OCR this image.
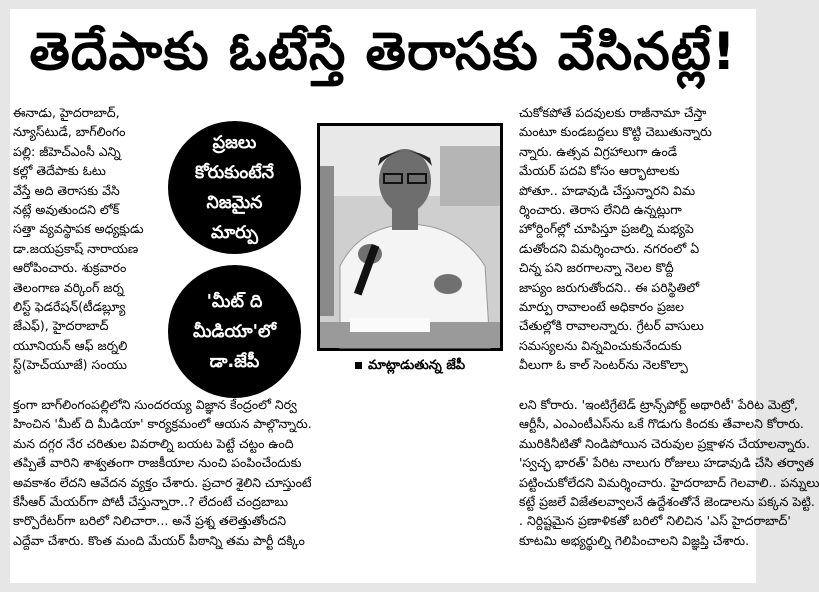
తెదేపాకు ఓటేస్తే తెరాసకు వేసినట్లే!
ఈనాడు, హైదరాబాద్,
న్యూస్‌టుడే, బాగ్‌లింగం
పల్లి: జీహెచ్‌ఎంసీ ఎన్ని
కల్లో తెదేపాకు ఓటు
వేస్తే అది తెరాసకు వేసి
నట్లే అవుతుందని లోక్
సత్తా వ్యవస్థాపక అధ్యక్షుడు
డా.జయప్రకాష్ నారాయణ
ఆరోపించారు. శుక్రవారం
తెలంగాణ వర్కింగ్ జర్న
లిస్ట్ ఫెడరేషన్(టీడబ్ల్యూ
జేఎఫ్), హైదరాబాద్
యూనియన్ ఆఫ్ జర్నలి
స్ట్(హెచ్‌యూజే) సంయు
ప్రజలు
కోరుకుంటేనే
నిజమైన
మార్పు
'మీట్ ది
మీడియా'లో
డా.జేపీ	మాట్లాడుతున్న జేపీ
చుకోకపోతే పదవులకు రాజీనామా చేస్తా
మంటూ కుండబద్దలు కొట్టి చెబుతున్నారు
న్నారు. ఉత్సవ విగ్రహాలుగా ఉండే
మేయర్ పదవి కోసం ఆర్భాటాలకు
పోతూ.. హడావుడి చేస్తున్నారని విమ
ర్శించారు. తెరాస లేనిది ఉన్నట్లుగా
హోర్డింగ్‌ల్లో చూపిస్తూ ప్రజల్ని మభ్యపె
డుతోందని విమర్శించారు. నగరంలో ఏ
చిన్న పని జరగాలన్నా నెలల కొద్దీ
జాప్యం జరుగుతోందని.. ఈ పరిస్థితిలో
మార్పు రావాలంటే అధికారం ప్రజల
చేతుల్లోకి రావాలన్నారు. గ్రేటర్ వాసులు
సమస్యలను విన్నవించుకునేందుకు
వీలుగా ఓ కాల్ సెంటర్‌ను నెలకొల్పా
క్తంగా బాగ్‌లింగంపల్లిలోని సుందరయ్య విజ్ఞాన కేంద్రంలో నిర్వ	లని కోరారు. 'ఇంటిగ్రేటెడ్ ట్రాన్స్‌పోర్ట్ అథారిటీ' పేరిట మెట్రో,
హించిన 'మీట్ ది మీడియా' కార్యక్రమంలో ఆయన పాల్గొన్నారు.	ఆర్టీసీ, ఎంఎంటీఎస్‌ను ఒకే గొడుగు కిందకు తేవాలని కోరారు.
మన దగ్గర నేర చరితుల వివరాల్ని బయట పెట్టే చట్టం ఉంది	మురికినీటితో నిండిపోయిన చెరువుల ప్రక్షాళన చేయాలన్నారు.
తప్పితే వారిని శాశ్వతంగా రాజకీయాల నుంచి పంపించేందుకు	'స్వచ్ఛ భారత్' పేరిట నాలుగు రోజులు హడావుడి చేసి తర్వాత
అవకాశం లేదని ఆవేదన వ్యక్తం చేశారు. ప్రచార శైలిని చూస్తుంటే	పట్టించుకోలేదని విమర్శించారు. హైదరాబాద్ గెలవాలి.. పన్నులు
కేసీఆర్ మేయర్‌గా పోటీ చేస్తున్నారా..? లేదంటే చంద్రబాబు	కట్టే ప్రజలే విజేతలవ్వాలనే ఉద్దేశంతోనే జెండాలను పక్కన పెట్టి.
కార్పొరేటర్‌గా బరిలో నిలిచారా... అనే ప్రశ్న తలెత్తుతోందని	. నిర్దిష్టమైన ప్రణాళికతో బరిలో నిలిచిన 'ఎస్ హైదరాబాద్'
ఎద్దేవా చేశారు. కొంత మంది మేయర్ పీఠాన్ని తమ పార్టీ దక్కిం	కూటమి అభ్యర్థుల్ని గెలిపించాలని విజ్ఞప్తి చేశారు.
